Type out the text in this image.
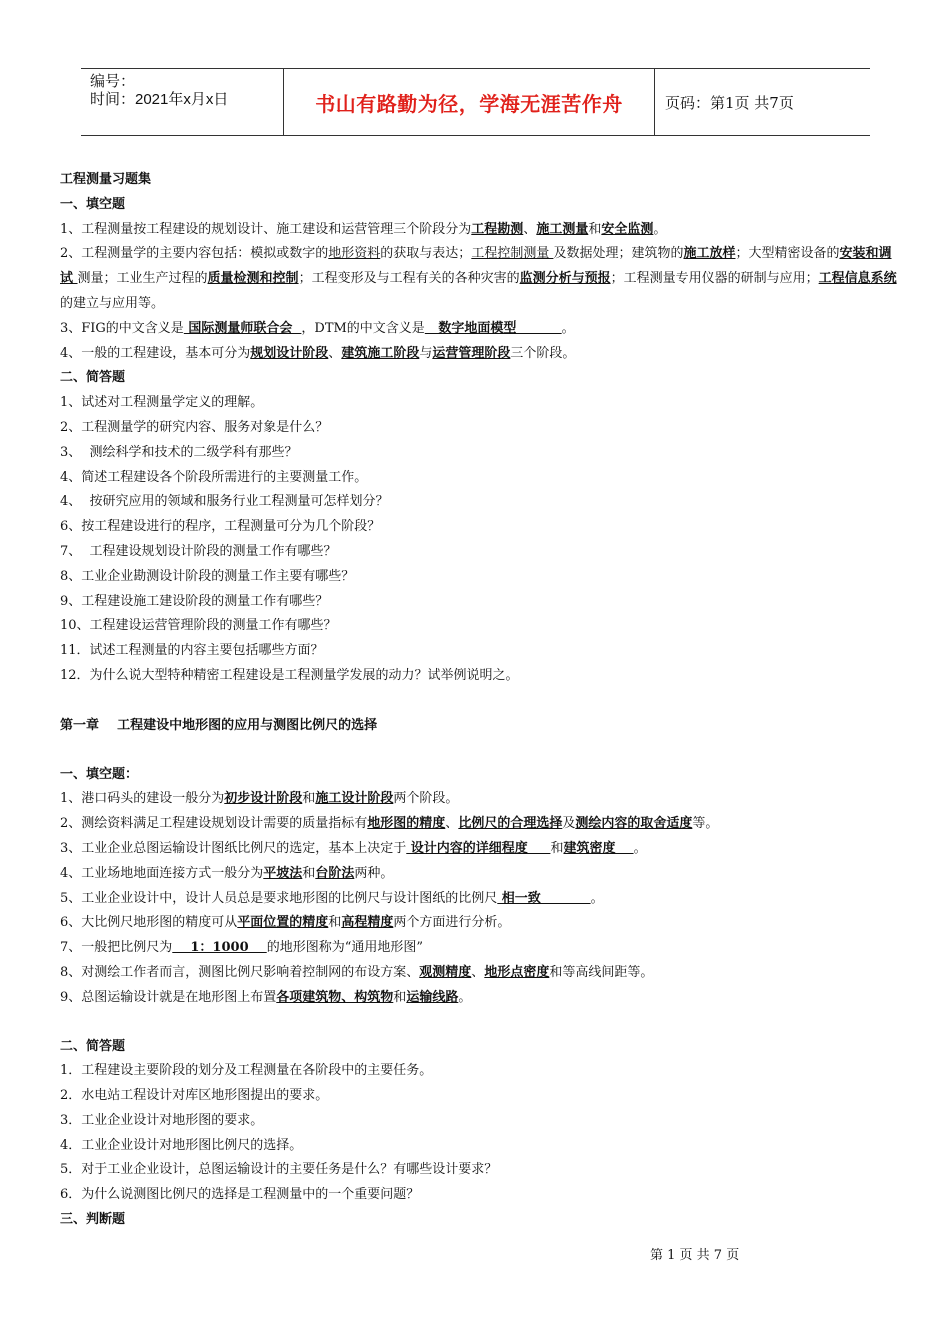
编号：
时间：2021年x月x日	书山有路勤为径，学海无涯苦作舟	页码：第1页 共7页

工程测量习题集

一、填空题

1、工程测量按工程建设的规划设计、施工建设和运营管理三个阶段分为工程勘测、施工测量和安全监测。

2、工程测量学的主要内容包括：模拟或数字的地形资料的获取与表达；工程控制测量 及数据处理；建筑物的施工放样；大型精密设备的安装和调试 测量；工业生产过程的质量检测和控制；工程变形及与工程有关的各种灾害的监测分析与预报；工程测量专用仪器的研制与应用；工程信息系统的建立与应用等。

3、FIG的中文含义是 国际测量师联合会  ，DTM的中文含义是   数字地面模型          。

4、一般的工程建设，基本可分为规划设计阶段、建筑施工阶段与运营管理阶段三个阶段。

二、简答题

1、试述对工程测量学定义的理解。

2、工程测量学的研究内容、服务对象是什么？

3、  测绘科学和技术的二级学科有那些？

4、简述工程建设各个阶段所需进行的主要测量工作。

4、  按研究应用的领域和服务行业工程测量可怎样划分？

6、按工程建设进行的程序，工程测量可分为几个阶段？

7、  工程建设规划设计阶段的测量工作有哪些？

8、工业企业勘测设计阶段的测量工作主要有哪些？

9、工程建设施工建设阶段的测量工作有哪些？

10、工程建设运营管理阶段的测量工作有哪些？

11．试述工程测量的内容主要包括哪些方面？

12．为什么说大型特种精密工程建设是工程测量学发展的动力？试举例说明之。

第一章    工程建设中地形图的应用与测图比例尺的选择

一、填空题：

1、港口码头的建设一般分为初步设计阶段和施工设计阶段两个阶段。

2、测绘资料满足工程建设规划设计需要的质量指标有地形图的精度、比例尺的合理选择及测绘内容的取舍适度等。

3、工业企业总图运输设计图纸比例尺的选定，基本上决定于 设计内容的详细程度     和建筑密度    。

4、工业场地地面连接方式一般分为平坡法和台阶法两种。

5、工业企业设计中，设计人员总是要求地形图的比例尺与设计图纸的比例尺 相一致           。

6、大比例尺地形图的精度可从平面位置的精度和高程精度两个方面进行分析。

7、一般把比例尺为    1：1000    的地形图称为“通用地形图”

8、对测绘工作者而言，测图比例尺影响着控制网的布设方案、观测精度、地形点密度和等高线间距等。

9、总图运输设计就是在地形图上布置各项建筑物、构筑物和运输线路。

二、简答题

1．工程建设主要阶段的划分及工程测量在各阶段中的主要任务。

2．水电站工程设计对库区地形图提出的要求。

3．工业企业设计对地形图的要求。

4．工业企业设计对地形图比例尺的选择。

5．对于工业企业设计，总图运输设计的主要任务是什么？有哪些设计要求？

6．为什么说测图比例尺的选择是工程测量中的一个重要问题？

三、判断题

第 1 页 共 7 页
